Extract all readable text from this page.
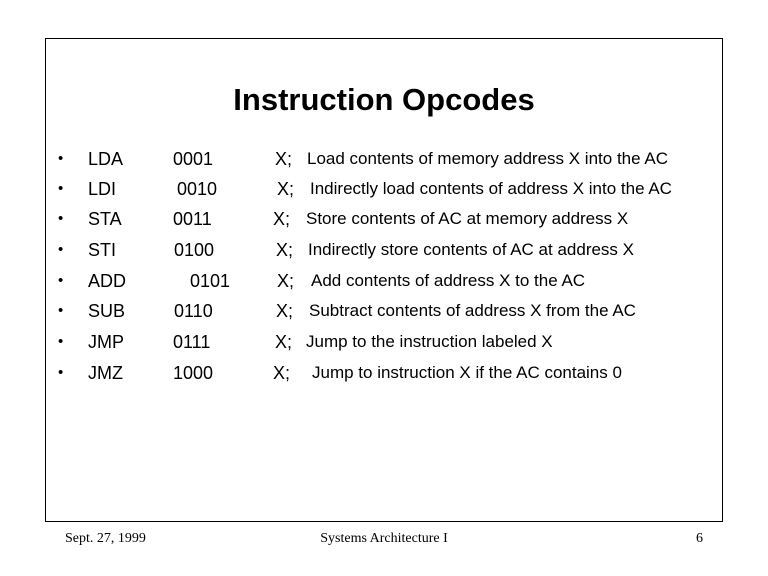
Instruction Opcodes
• LDA	0001	X; Load contents of memory address X into the AC
• LDI	0010	X; Indirectly load contents of address X into the AC
• STA	0011	X; Store contents of AC at memory address X
• STI	0100	X; Indirectly store contents of AC at address X
• ADD	0101	X; Add contents of address X to the AC
• SUB	0110	X; Subtract contents of address X from the AC
• JMP	0111	X; Jump to the instruction labeled X
• JMZ	1000	X; Jump to instruction X if the AC contains 0
Sept. 27, 1999	Systems Architecture I	6
